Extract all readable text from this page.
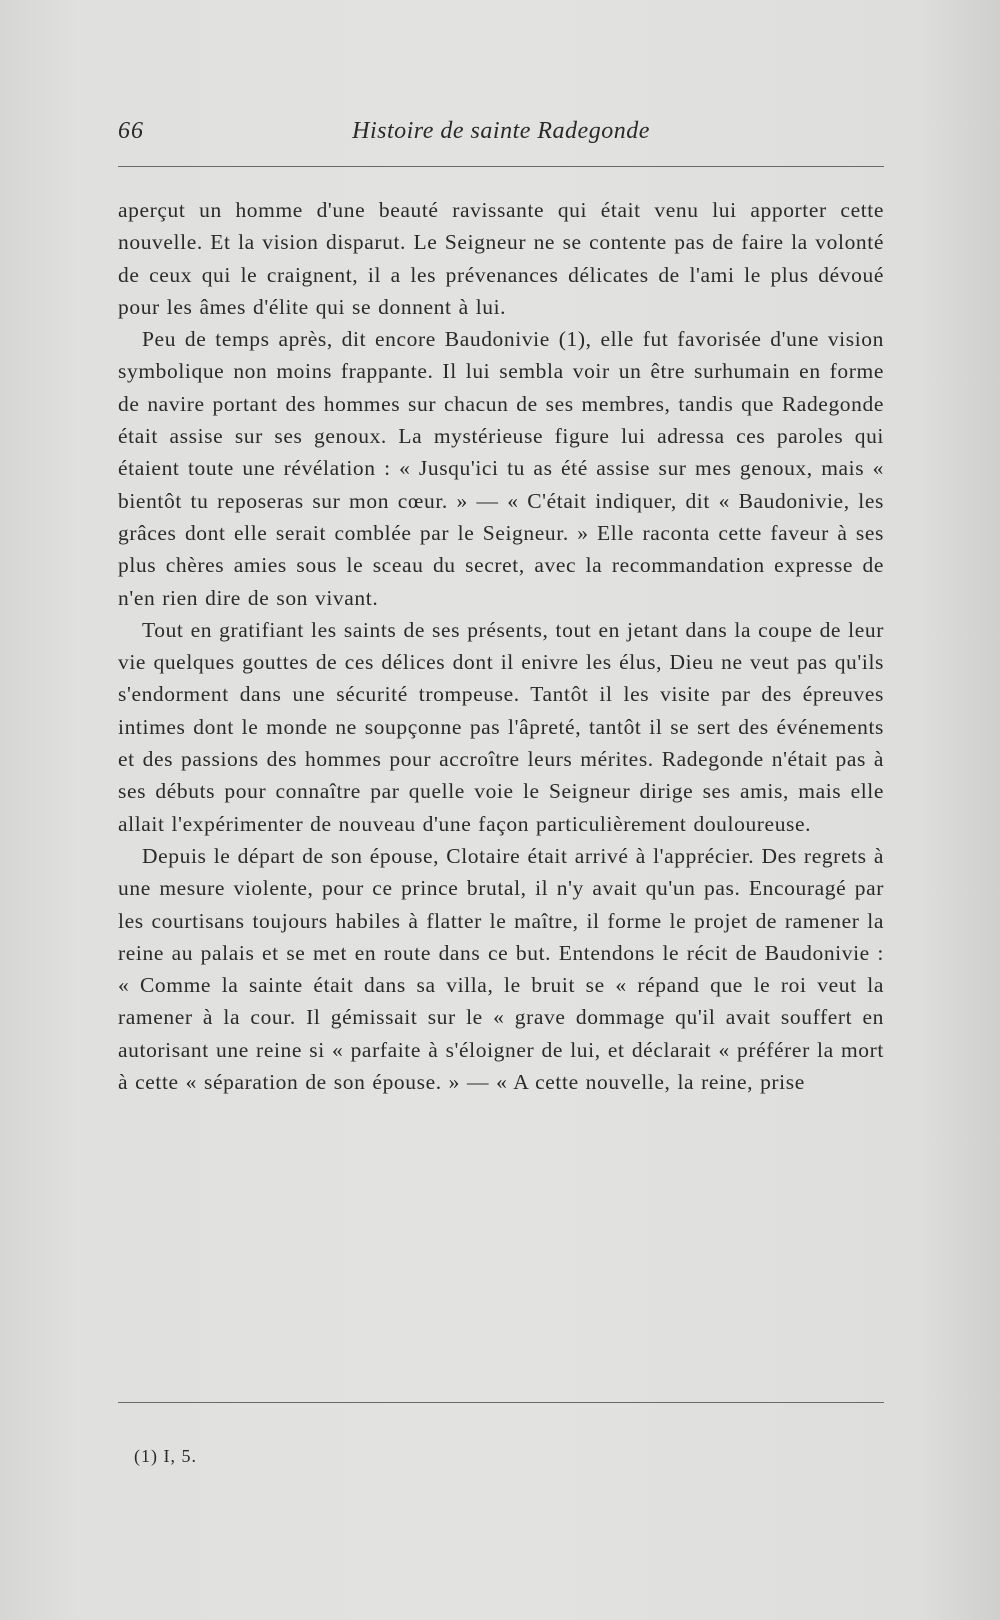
66	Histoire de sainte Radegonde

aperçut un homme d'une beauté ravissante qui était venu lui apporter cette nouvelle. Et la vision disparut. Le Seigneur ne se contente pas de faire la volonté de ceux qui le craignent, il a les prévenances délicates de l'ami le plus dévoué pour les âmes d'élite qui se donnent à lui.

Peu de temps après, dit encore Baudonivie (1), elle fut favorisée d'une vision symbolique non moins frappante. Il lui sembla voir un être surhumain en forme de navire portant des hommes sur chacun de ses membres, tandis que Radegonde était assise sur ses genoux. La mystérieuse figure lui adressa ces paroles qui étaient toute une révélation : « Jusqu'ici tu as été assise sur mes genoux, mais « bientôt tu reposeras sur mon cœur. » — « C'était indiquer, dit « Baudonivie, les grâces dont elle serait comblée par le Seigneur. » Elle raconta cette faveur à ses plus chères amies sous le sceau du secret, avec la recommandation expresse de n'en rien dire de son vivant.

Tout en gratifiant les saints de ses présents, tout en jetant dans la coupe de leur vie quelques gouttes de ces délices dont il enivre les élus, Dieu ne veut pas qu'ils s'endorment dans une sécurité trompeuse. Tantôt il les visite par des épreuves intimes dont le monde ne soupçonne pas l'âpreté, tantôt il se sert des événements et des passions des hommes pour accroître leurs mérites. Radegonde n'était pas à ses débuts pour connaître par quelle voie le Seigneur dirige ses amis, mais elle allait l'expérimenter de nouveau d'une façon particulièrement douloureuse.

Depuis le départ de son épouse, Clotaire était arrivé à l'apprécier. Des regrets à une mesure violente, pour ce prince brutal, il n'y avait qu'un pas. Encouragé par les courtisans toujours habiles à flatter le maître, il forme le projet de ramener la reine au palais et se met en route dans ce but. Entendons le récit de Baudonivie : « Comme la sainte était dans sa villa, le bruit se « répand que le roi veut la ramener à la cour. Il gémissait sur le « grave dommage qu'il avait souffert en autorisant une reine si « parfaite à s'éloigner de lui, et déclarait « préférer la mort à cette « séparation de son épouse. » — « A cette nouvelle, la reine, prise

(1) I, 5.
